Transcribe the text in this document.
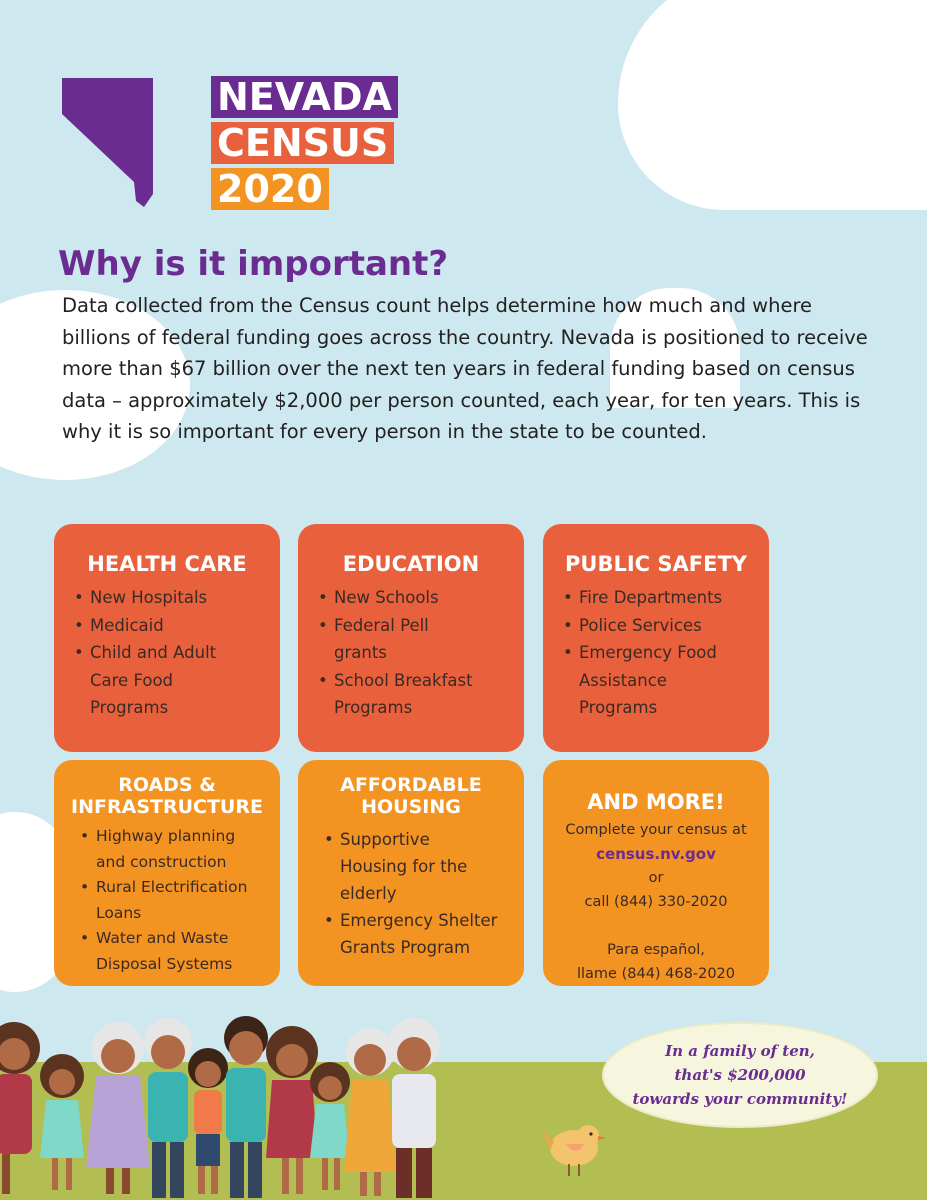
NEVADA
CENSUS
2020
Why is it important?
Data collected from the Census count helps determine how much and where billions of federal funding goes across the country. Nevada is positioned to receive more than $67 billion over the next ten years in federal funding based on census data – approximately $2,000 per person counted, each year, for ten years. This is why it is so important for every person in the state to be counted.
HEALTH CARE
• New Hospitals
• Medicaid
• Child and Adult Care Food Programs
EDUCATION
• New Schools
• Federal Pell grants
• School Breakfast Programs
PUBLIC SAFETY
• Fire Departments
• Police Services
• Emergency Food Assistance Programs
ROADS &
INFRASTRUCTURE
• Highway planning and construction
• Rural Electrification Loans
• Water and Waste Disposal Systems
AFFORDABLE
HOUSING
• Supportive Housing for the elderly
• Emergency Shelter Grants Program
AND MORE!
Complete your census at
census.nv.gov
or
call (844) 330-2020
Para español,
llame (844) 468-2020
In a family of ten,
that's $200,000
towards your community!
